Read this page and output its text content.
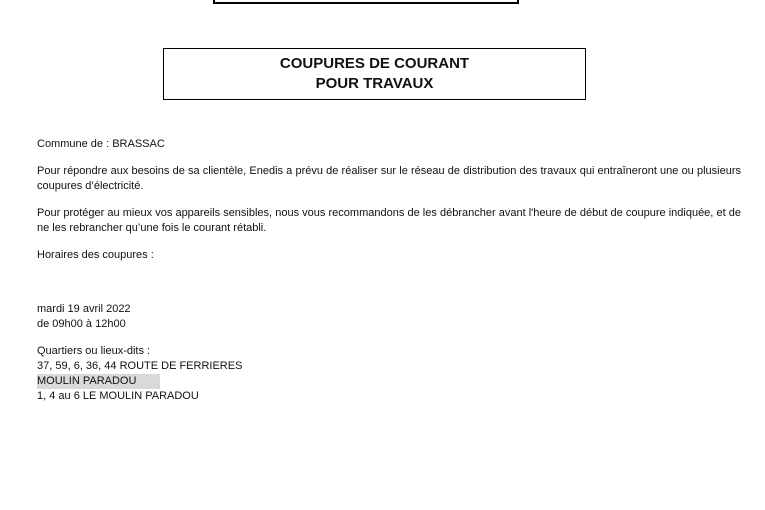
COUPURES DE COURANT
POUR TRAVAUX

Commune de : BRASSAC

Pour répondre aux besoins de sa clientèle, Enedis a prévu de réaliser sur le réseau de distribution des travaux qui entraîneront une ou plusieurs coupures d’électricité.

Pour protéger au mieux vos appareils sensibles, nous vous recommandons de les débrancher avant l'heure de début de coupure indiquée, et de ne les rebrancher qu’une fois le courant rétabli.

Horaires des coupures :

mardi 19 avril 2022

de 09h00 à 12h00

Quartiers ou lieux-dits :

37, 59, 6, 36, 44 ROUTE DE FERRIERES

MOULIN PARADOU

1, 4 au 6 LE MOULIN PARADOU
